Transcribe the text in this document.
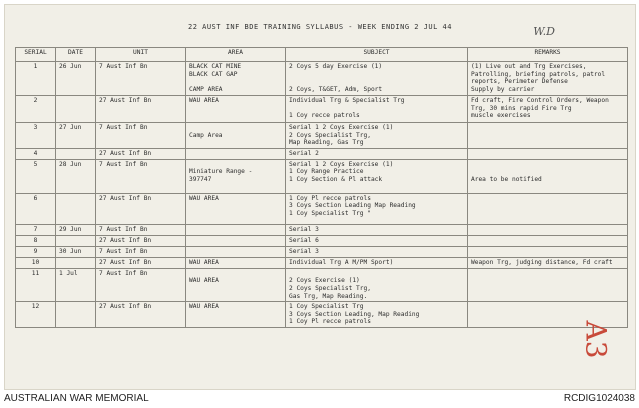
22 AUST INF BDE TRAINING SYLLABUS - WEEK ENDING 2 JUL 44	W.D
SERIAL	DATE	UNIT	AREA	SUBJECT	REMARKS
1	26 Jun	7 Aust Inf Bn	BLACK CAT MINE
BLACK CAT GAP

CAMP AREA	2 Coys 5 day Exercise (1)

2 Coys, T&GET, Adm, Sport	(1) Live out and Trg Exercises,
Patrolling, briefing patrols, patrol
reports, Perimeter Defense
Supply by carrier

2		27 Aust Inf Bn	WAU AREA	Individual Trg & Specialist Trg

1 Coy recce patrols	Fd craft, Fire Control Orders, Weapon
Trg, 30 mins rapid Fire Trg
muscle exercises

3	27 Jun	7 Aust Inf Bn	Camp Area	Serial 1 2 Coys Exercise (1)
2 Coys Specialist Trg,
Map Reading, Gas Trg	

4		27 Aust Inf Bn		Serial 2	

5	28 Jun	7 Aust Inf Bn	Miniature Range -
397747	Serial 1 2 Coys Exercise (1)
1 Coy Range Practice
1 Coy Section & Pl attack	Area to be notified

6		27 Aust Inf Bn	WAU AREA	1 Coy Pl recce patrols
3 Coys Section Leading Map Reading
1 Coy Specialist Trg "	

7	29 Jun	7 Aust Inf Bn		Serial 3	

8		27 Aust Inf Bn		Serial 6	

9	30 Jun	7 Aust Inf Bn		Serial 3	

10		27 Aust Inf Bn	WAU AREA	Individual Trg A M/PM Sport)	Weapon Trg, judging distance, Fd craft

11	1 Jul	7 Aust Inf Bn	WAU AREA	2 Coys Exercise (1)
2 Coys Specialist Trg,
Gas Trg, Map Reading.	

12		27 Aust Inf Bn	WAU AREA	1 Coy Specialist Trg
3 Coys Section Leading, Map Reading
1 Coy Pl recce patrols	
		A3
AUSTRALIAN WAR MEMORIAL	RCDIG1024038
